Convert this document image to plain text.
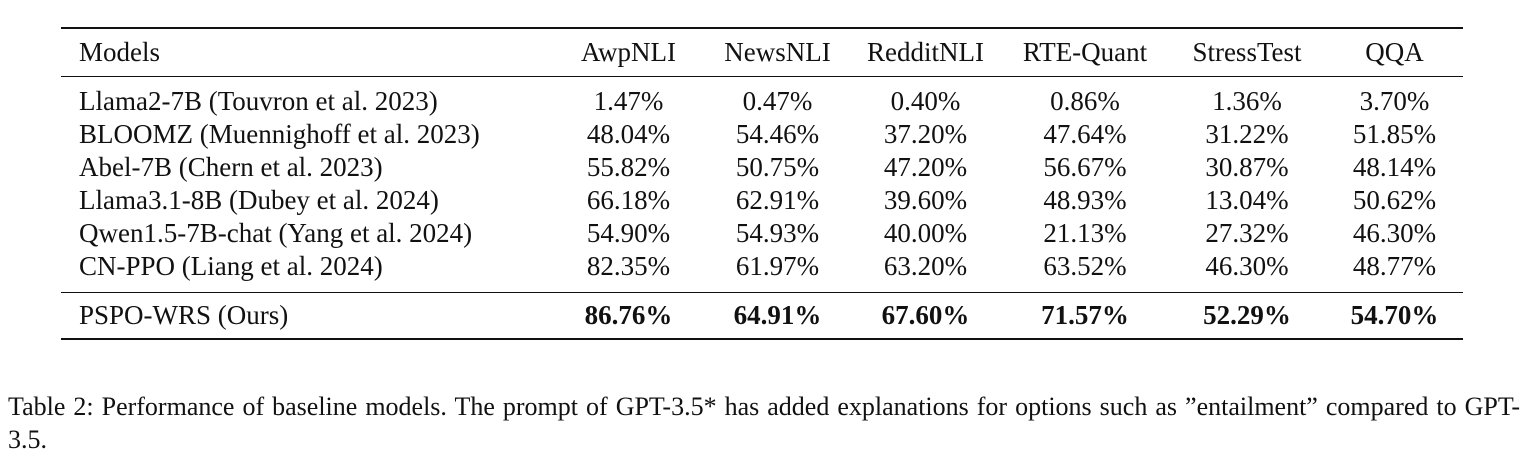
Models	AwpNLI	NewsNLI	RedditNLI	RTE-Quant	StressTest	QQA
Llama2-7B (Touvron et al. 2023)	1.47%	0.47%	0.40%	0.86%	1.36%	3.70%
BLOOMZ (Muennighoff et al. 2023)	48.04%	54.46%	37.20%	47.64%	31.22%	51.85%
Abel-7B (Chern et al. 2023)	55.82%	50.75%	47.20%	56.67%	30.87%	48.14%
Llama3.1-8B (Dubey et al. 2024)	66.18%	62.91%	39.60%	48.93%	13.04%	50.62%
Qwen1.5-7B-chat (Yang et al. 2024)	54.90%	54.93%	40.00%	21.13%	27.32%	46.30%
CN-PPO (Liang et al. 2024)	82.35%	61.97%	63.20%	63.52%	46.30%	48.77%
PSPO-WRS (Ours)	86.76%	64.91%	67.60%	71.57%	52.29%	54.70%

Table 2: Performance of baseline models. The prompt of GPT-3.5* has added explanations for options such as ”entailment” compared to GPT-3.5.
